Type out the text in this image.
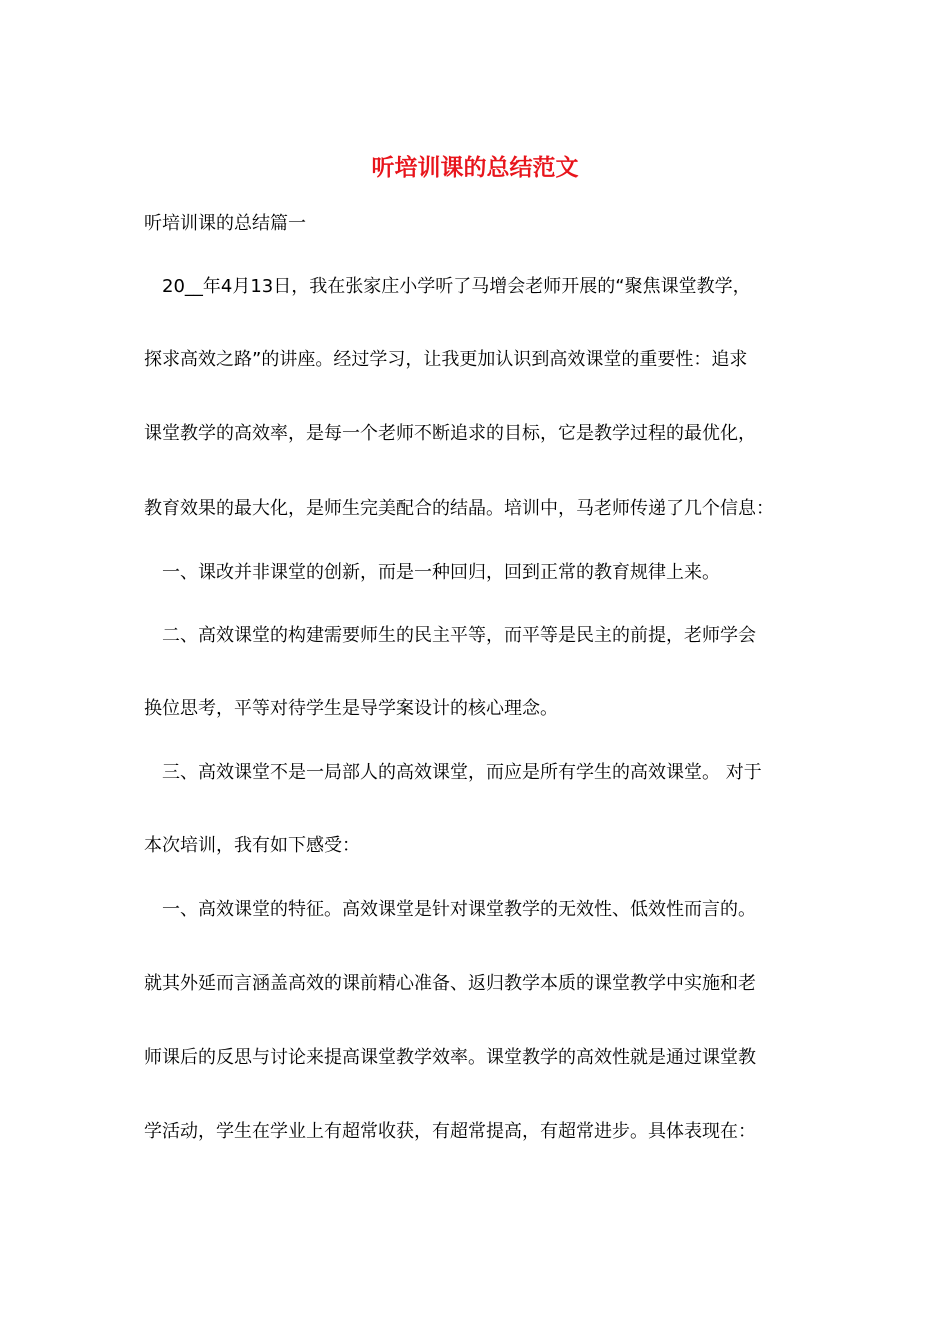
听培训课的总结范文
听培训课的总结篇一
20__年4月13日，我在张家庄小学听了马增会老师开展的“聚焦课堂教学，
探求高效之路”的讲座。经过学习，让我更加认识到高效课堂的重要性：追求
课堂教学的高效率，是每一个老师不断追求的目标，它是教学过程的最优化，
教育效果的最大化，是师生完美配合的结晶。培训中，马老师传递了几个信息：
一、课改并非课堂的创新，而是一种回归，回到正常的教育规律上来。
二、高效课堂的构建需要师生的民主平等，而平等是民主的前提，老师学会
换位思考，平等对待学生是导学案设计的核心理念。
三、高效课堂不是一局部人的高效课堂，而应是所有学生的高效课堂。 对于
本次培训，我有如下感受：
一、高效课堂的特征。高效课堂是针对课堂教学的无效性、低效性而言的。
就其外延而言涵盖高效的课前精心准备、返归教学本质的课堂教学中实施和老
师课后的反思与讨论来提高课堂教学效率。课堂教学的高效性就是通过课堂教
学活动，学生在学业上有超常收获，有超常提高，有超常进步。具体表现在：
